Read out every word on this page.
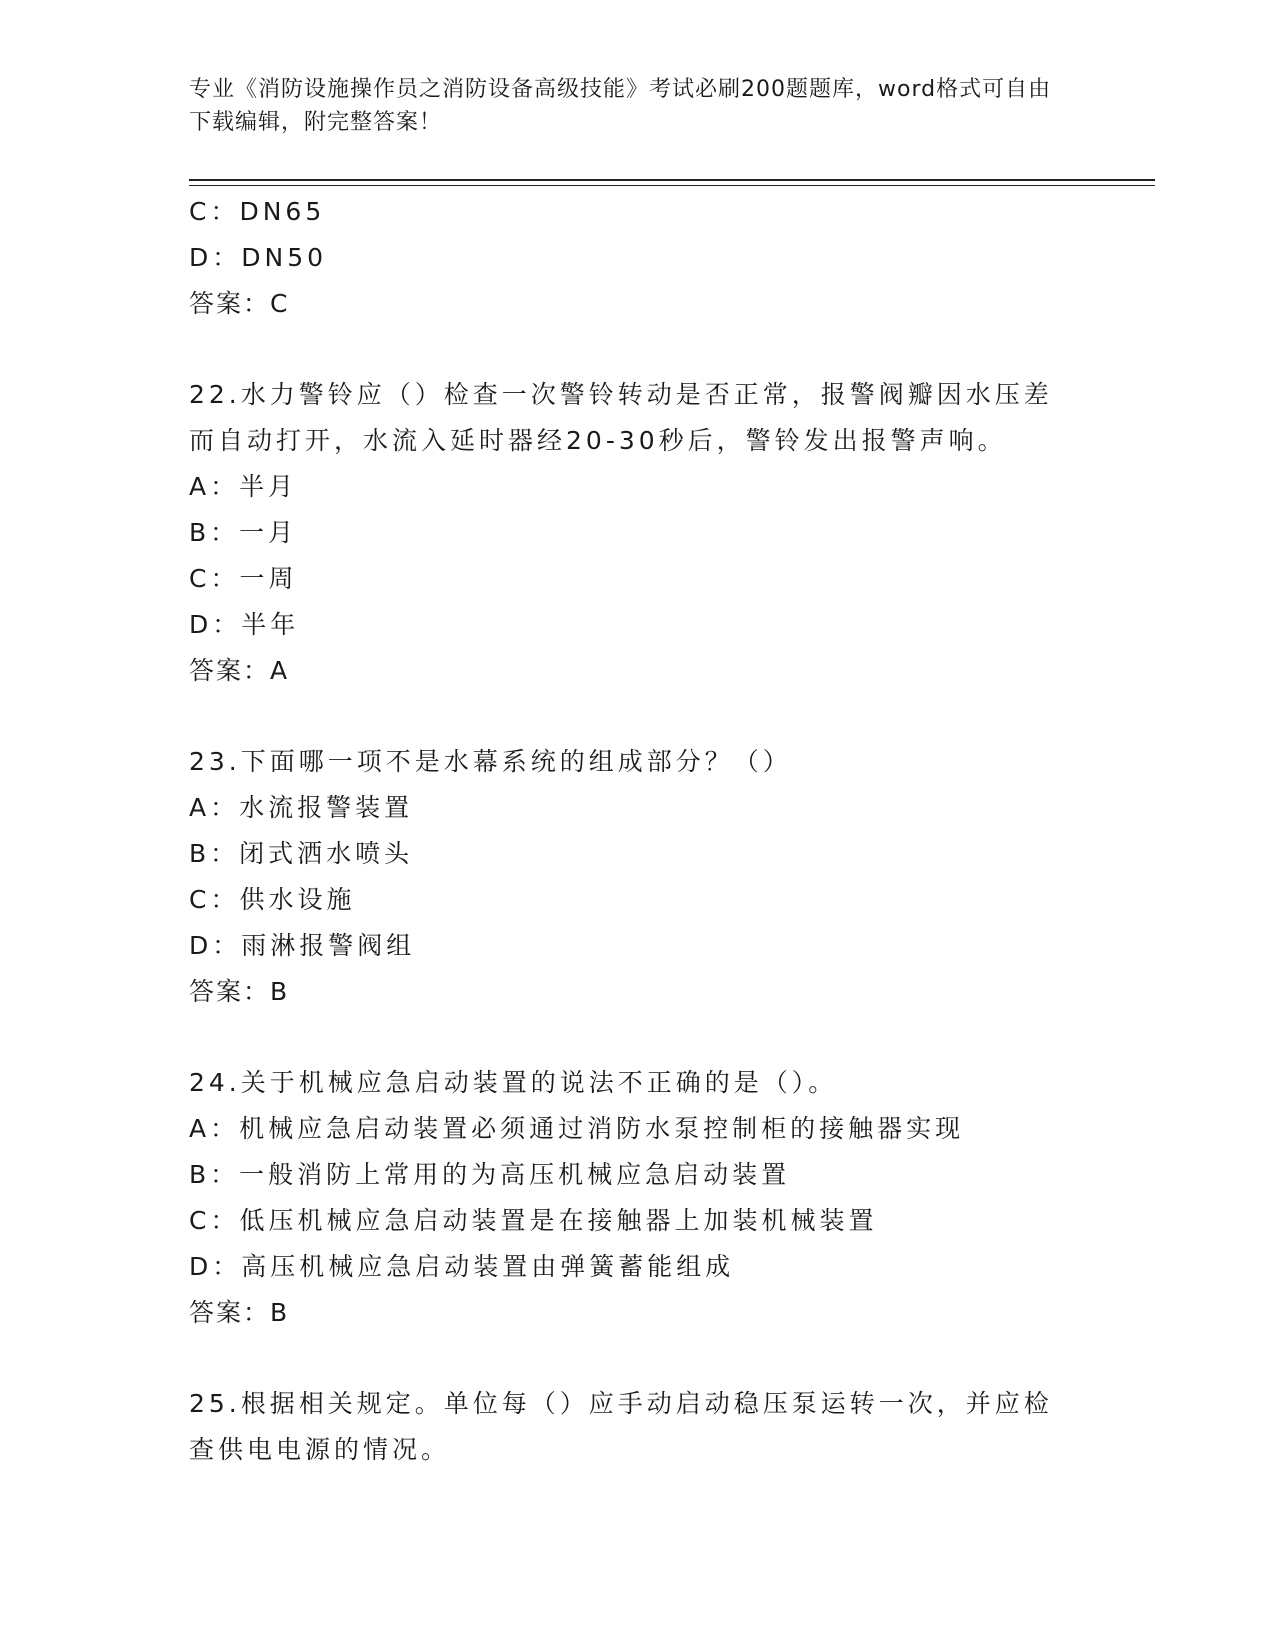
专业《消防设施操作员之消防设备高级技能》考试必刷200题题库，word格式可自由下载编辑，附完整答案！
C：DN65
D：DN50
答案：C
22.水力警铃应（）检查一次警铃转动是否正常，报警阀瓣因水压差而自动打开，水流入延时器经20-30秒后，警铃发出报警声响。
A：半月
B：一月
C：一周
D：半年
答案：A
23.下面哪一项不是水幕系统的组成部分？（）
A：水流报警装置
B：闭式洒水喷头
C：供水设施
D：雨淋报警阀组
答案：B
24.关于机械应急启动装置的说法不正确的是（）。
A：机械应急启动装置必须通过消防水泵控制柜的接触器实现
B：一般消防上常用的为高压机械应急启动装置
C：低压机械应急启动装置是在接触器上加装机械装置
D：高压机械应急启动装置由弹簧蓄能组成
答案：B
25.根据相关规定。单位每（）应手动启动稳压泵运转一次，并应检查供电电源的情况。
